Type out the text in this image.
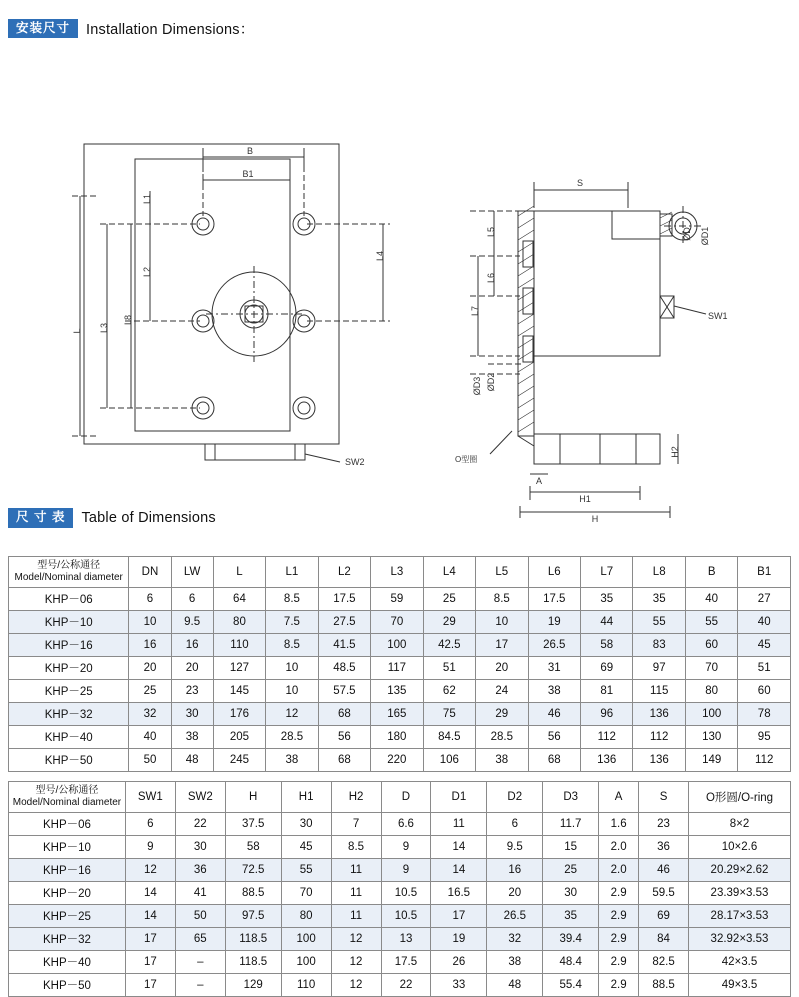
安装尺寸	Installation Dimensions：
B
B1
L1
L2
L3
L8
L4
L
SW2
SW1
ØD ØD1
S
L5
L6
L7
ØD3 ØD2
O型圈
A
H1
H
H2
尺 寸 表	Table of Dimensions
型号/公称通径
Model/Nominal diameter	DN	LW	L	L1	L2	L3	L4	L5	L6	L7	L8	B	B1
KHP－06	6	6	64	8.5	17.5	59	25	8.5	17.5	35	35	40	27
KHP－10	10	9.5	80	7.5	27.5	70	29	10	19	44	55	55	40
KHP－16	16	16	110	8.5	41.5	100	42.5	17	26.5	58	83	60	45
KHP－20	20	20	127	10	48.5	117	51	20	31	69	97	70	51
KHP－25	25	23	145	10	57.5	135	62	24	38	81	115	80	60
KHP－32	32	30	176	12	68	165	75	29	46	96	136	100	78
KHP－40	40	38	205	28.5	56	180	84.5	28.5	56	112	112	130	95
KHP－50	50	48	245	38	68	220	106	38	68	136	136	149	112
型号/公称通径
Model/Nominal diameter	SW1	SW2	H	H1	H2	D	D1	D2	D3	A	S	O形圆/O-ring
KHP－06	6	22	37.5	30	7	6.6	11	6	11.7	1.6	23	8×2
KHP－10	9	30	58	45	8.5	9	14	9.5	15	2.0	36	10×2.6
KHP－16	12	36	72.5	55	11	9	14	16	25	2.0	46	20.29×2.62
KHP－20	14	41	88.5	70	11	10.5	16.5	20	30	2.9	59.5	23.39×3.53
KHP－25	14	50	97.5	80	11	10.5	17	26.5	35	2.9	69	28.17×3.53
KHP－32	17	65	118.5	100	12	13	19	32	39.4	2.9	84	32.92×3.53
KHP－40	17	–	118.5	100	12	17.5	26	38	48.4	2.9	82.5	42×3.5
KHP－50	17	–	129	110	12	22	33	48	55.4	2.9	88.5	49×3.5
